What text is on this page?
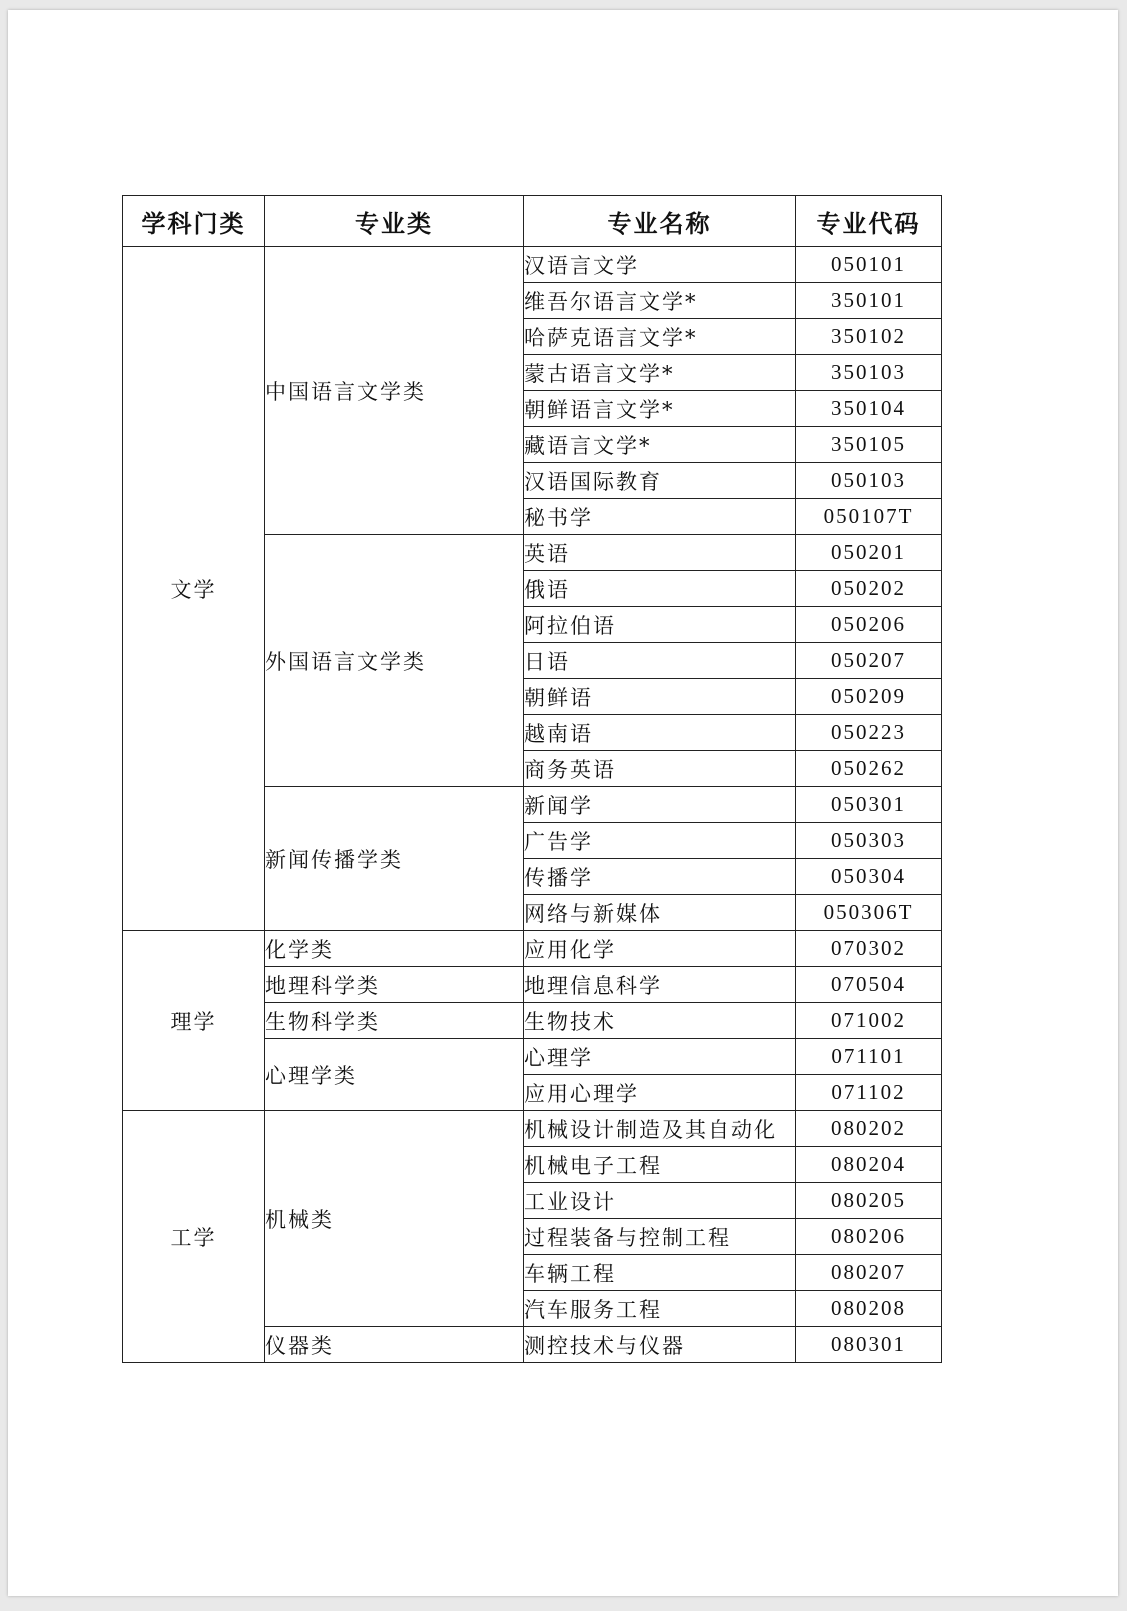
学科门类	专业类	专业名称	专业代码
文学	中国语言文学类	汉语言文学	050101
		维吾尔语言文学*	350101
		哈萨克语言文学*	350102
		蒙古语言文学*	350103
		朝鲜语言文学*	350104
		藏语言文学*	350105
		汉语国际教育	050103
		秘书学	050107T
	外国语言文学类	英语	050201
		俄语	050202
		阿拉伯语	050206
		日语	050207
		朝鲜语	050209
		越南语	050223
		商务英语	050262
	新闻传播学类	新闻学	050301
		广告学	050303
		传播学	050304
		网络与新媒体	050306T
理学	化学类	应用化学	070302
	地理科学类	地理信息科学	070504
	生物科学类	生物技术	071002
	心理学类	心理学	071101
		应用心理学	071102
工学	机械类	机械设计制造及其自动化	080202
		机械电子工程	080204
		工业设计	080205
		过程装备与控制工程	080206
		车辆工程	080207
		汽车服务工程	080208
	仪器类	测控技术与仪器	080301
